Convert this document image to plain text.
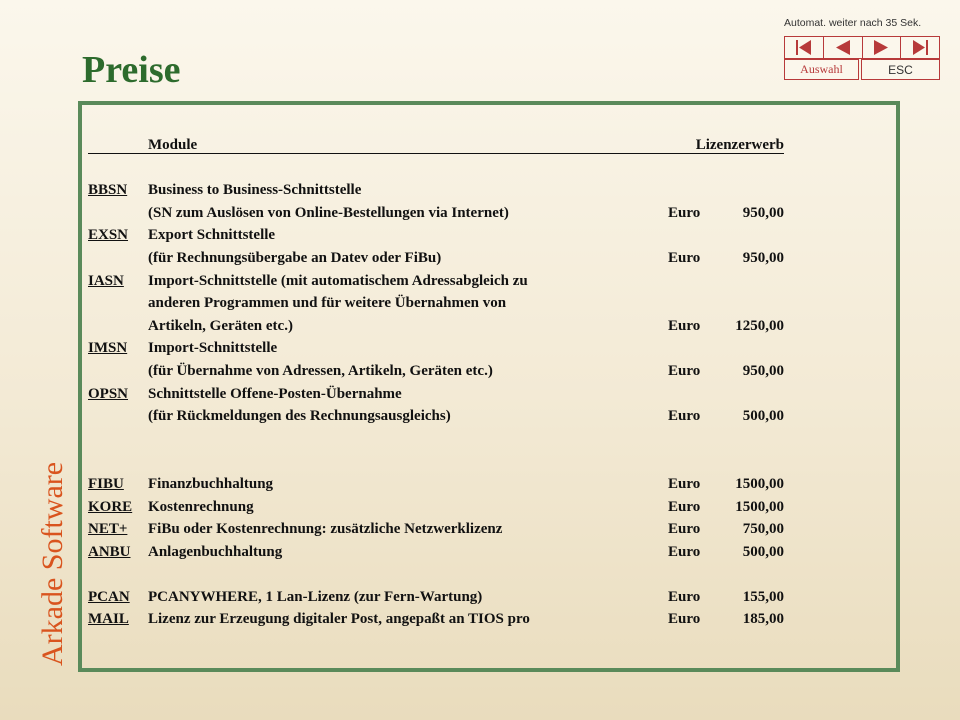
Preise
Automat. weiter nach 35 Sek.
Auswahl	ESC
Arkade Software
Module	Lizenzerwerb
BBSN	Business to Business-Schnittstelle
(SN zum Auslösen von Online-Bestellungen via Internet)	Euro	950,00
EXSN	Export Schnittstelle
(für Rechnungsübergabe an Datev oder FiBu)	Euro	950,00
IASN	Import-Schnittstelle (mit automatischem Adressabgleich zu
anderen Programmen und für weitere Übernahmen von
Artikeln, Geräten etc.)	Euro	1250,00
IMSN	Import-Schnittstelle
(für Übernahme von Adressen, Artikeln, Geräten etc.)	Euro	950,00
OPSN	Schnittstelle Offene-Posten-Übernahme
(für Rückmeldungen des Rechnungsausgleichs)	Euro	500,00
FIBU	Finanzbuchhaltung	Euro	1500,00
KORE	Kostenrechnung	Euro	1500,00
NET+	FiBu oder Kostenrechnung: zusätzliche Netzwerklizenz	Euro	750,00
ANBU	Anlagenbuchhaltung	Euro	500,00
PCAN	PCANYWHERE, 1 Lan-Lizenz (zur Fern-Wartung)	Euro	155,00
MAIL	Lizenz zur Erzeugung digitaler Post, angepaßt an TIOS pro	Euro	185,00
